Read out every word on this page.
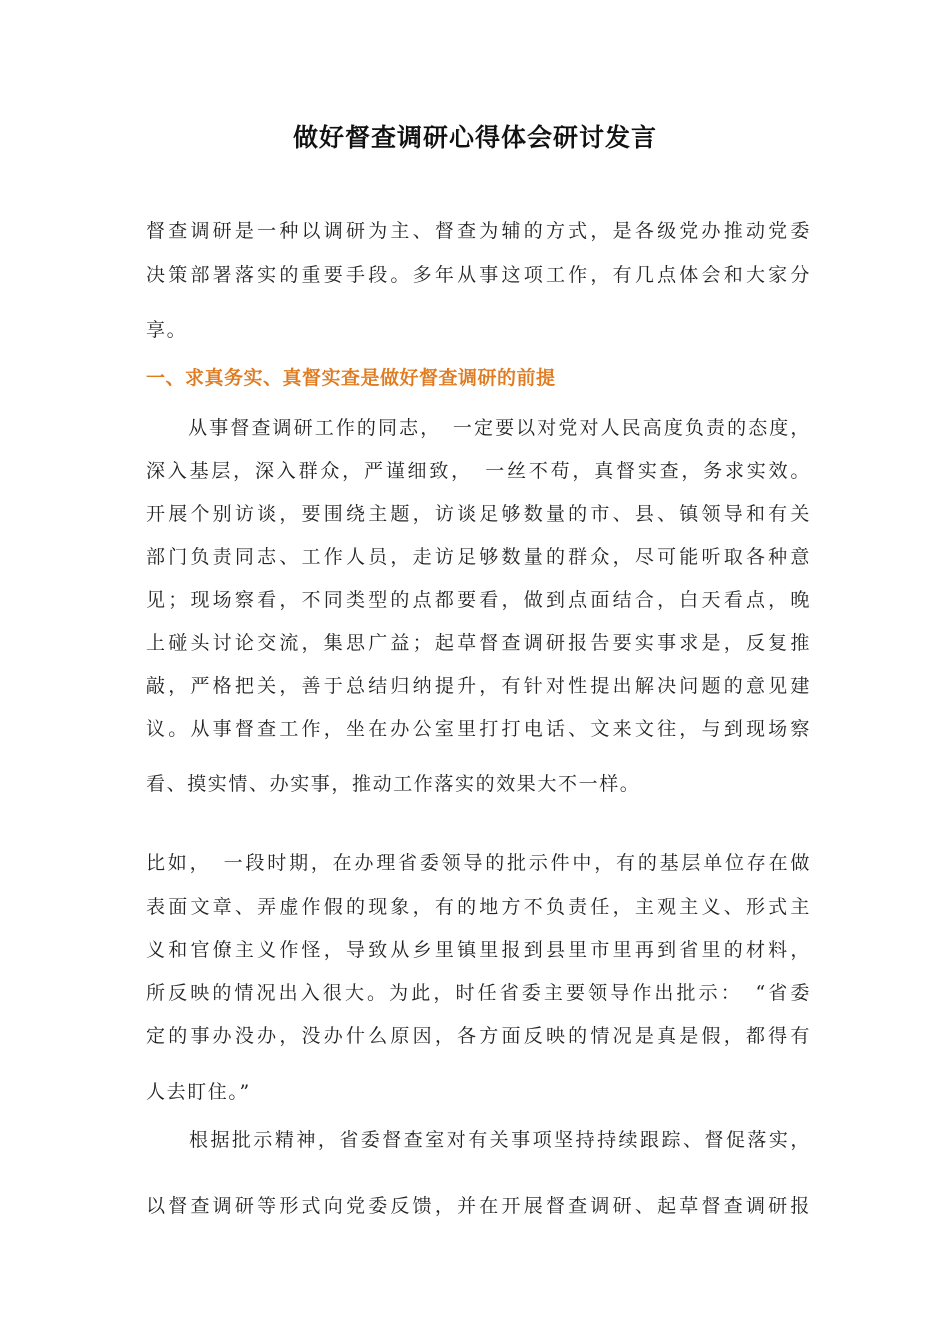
做好督查调研心得体会研讨发言
督查调研是一种以调研为主、督查为辅的方式，是各级党办推动党委
决策部署落实的重要手段。多年从事这项工作，有几点体会和大家分
享。
一、求真务实、真督实查是做好督查调研的前提
　　从事督查调研工作的同志，　一定要以对党对人民高度负责的态度，
深入基层，深入群众，严谨细致，　一丝不苟，真督实查，务求实效。
开展个别访谈，要围绕主题，访谈足够数量的市、县、镇领导和有关
部门负责同志、工作人员，走访足够数量的群众，尽可能听取各种意
见；现场察看，不同类型的点都要看，做到点面结合，白天看点，晚
上碰头讨论交流，集思广益；起草督查调研报告要实事求是，反复推
敲，严格把关，善于总结归纳提升，有针对性提出解决问题的意见建
议。从事督查工作，坐在办公室里打打电话、文来文往，与到现场察
看、摸实情、办实事，推动工作落实的效果大不一样。
比如，　一段时期，在办理省委领导的批示件中，有的基层单位存在做
表面文章、弄虚作假的现象，有的地方不负责任，主观主义、形式主
义和官僚主义作怪，导致从乡里镇里报到县里市里再到省里的材料，
所反映的情况出入很大。为此，时任省委主要领导作出批示：　“省委
定的事办没办，没办什么原因，各方面反映的情况是真是假，都得有
人去盯住。”
　　根据批示精神，省委督查室对有关事项坚持持续跟踪、督促落实，
以督查调研等形式向党委反馈，并在开展督查调研、起草督查调研报
